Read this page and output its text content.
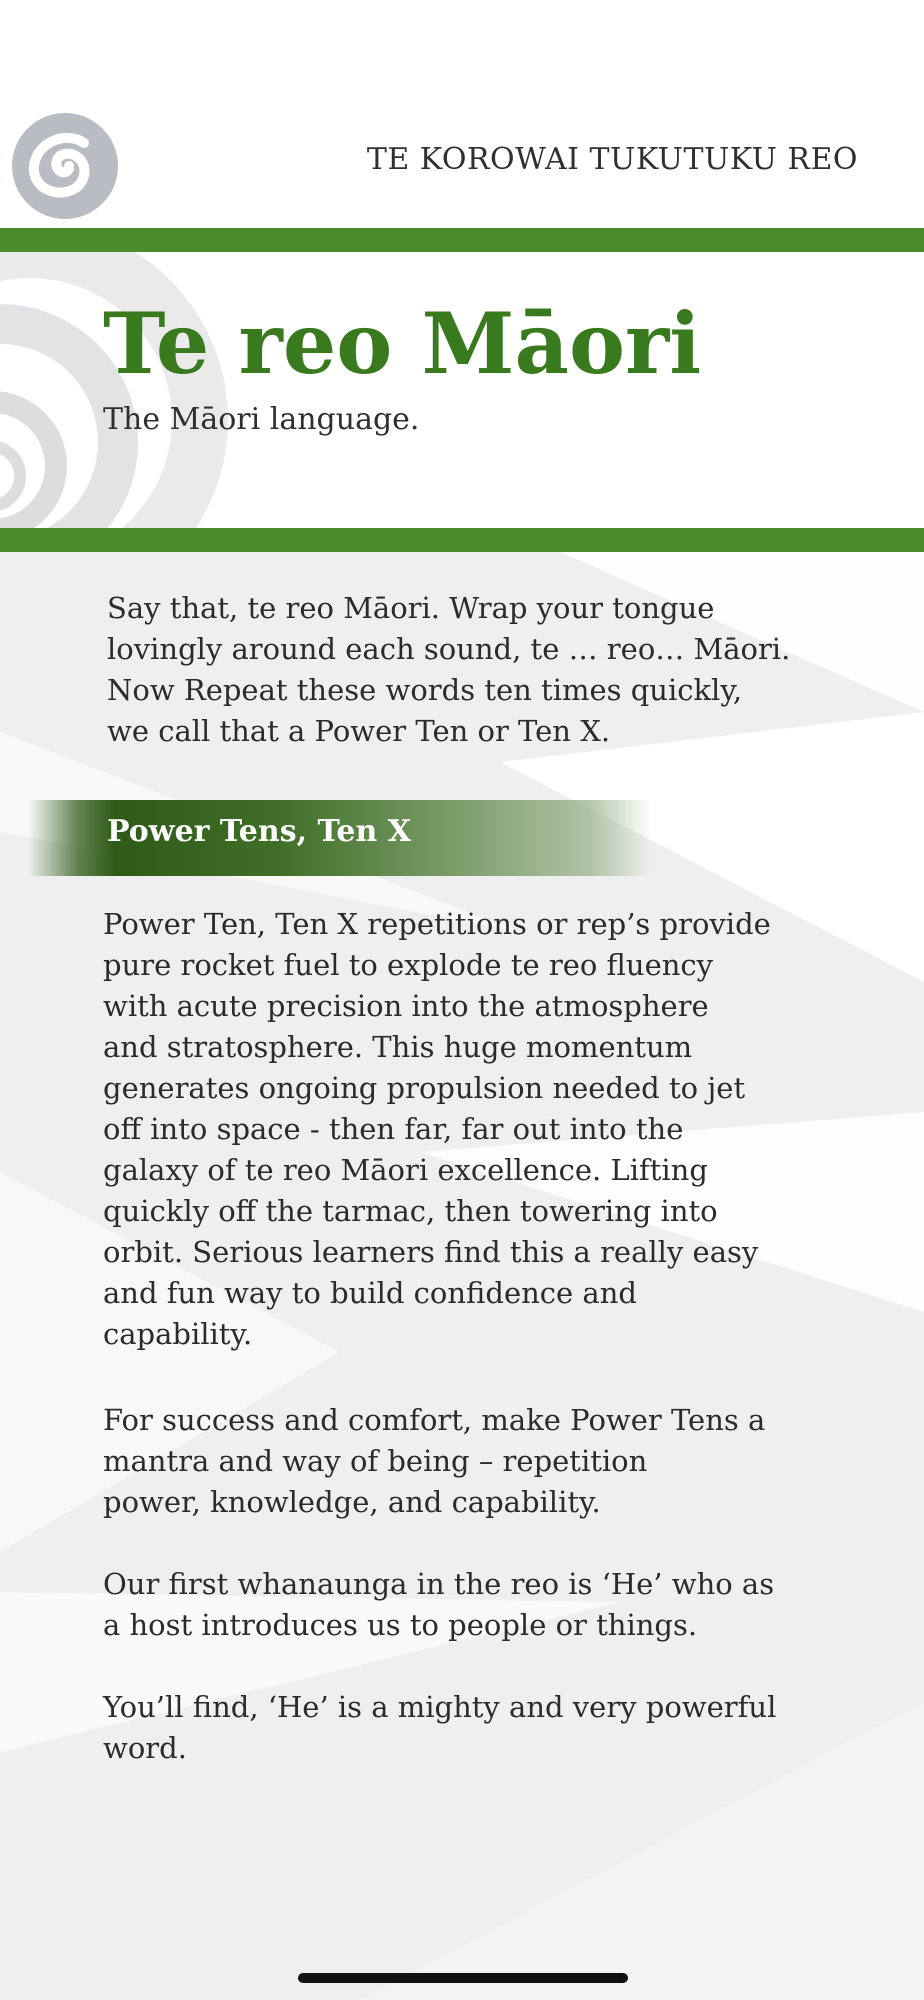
TE KOROWAI TUKUTUKU REO
Te reo Māori

The Māori language.

Say that, te reo Māori. Wrap your tongue
lovingly around each sound, te … reo… Māori.
Now Repeat these words ten times quickly,
we call that a Power Ten or Ten X.

Power Tens, Ten X

Power Ten, Ten X repetitions or rep’s provide
pure rocket fuel to explode te reo fluency
with acute precision into the atmosphere
and stratosphere. This huge momentum
generates ongoing propulsion needed to jet
off into space - then far, far out into the
galaxy of te reo Māori excellence. Lifting
quickly off the tarmac, then towering into
orbit. Serious learners find this a really easy
and fun way to build confidence and
capability.

For success and comfort, make Power Tens a
mantra and way of being – repetition
power, knowledge, and capability.

Our first whanaunga in the reo is ‘He’ who as
a host introduces us to people or things.

You’ll find, ‘He’ is a mighty and very powerful
word.
